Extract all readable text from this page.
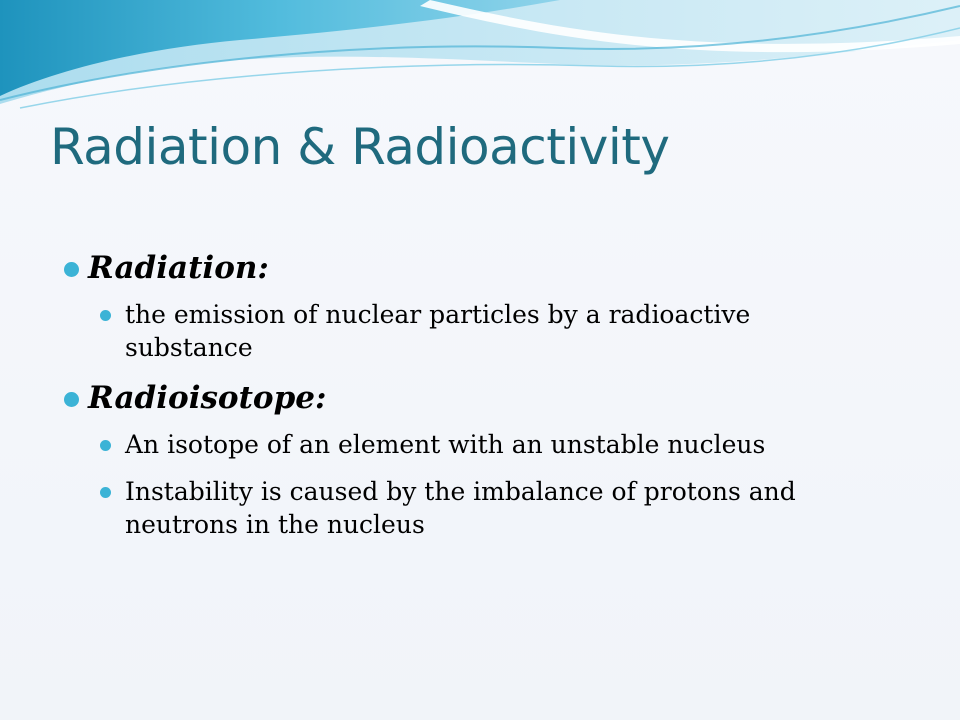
Radiation & Radioactivity
Radiation:
the emission of nuclear particles by a radioactive substance
Radioisotope:
An isotope of an element with an unstable nucleus
Instability is caused by the imbalance of protons and neutrons in the nucleus
